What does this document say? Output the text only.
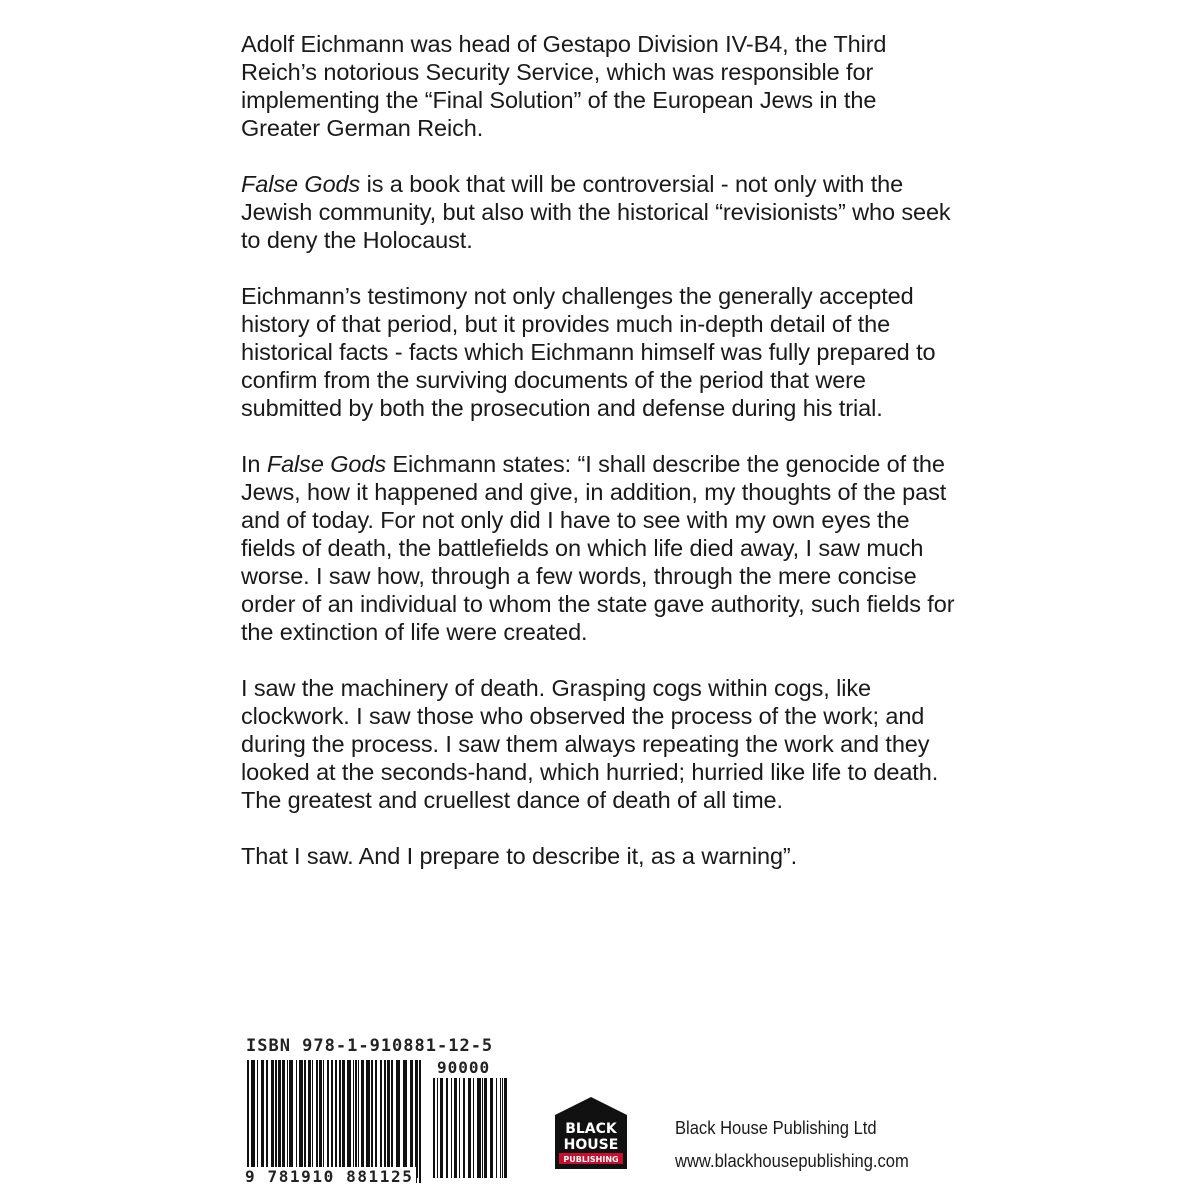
Adolf Eichmann was head of Gestapo Division IV-B4, the Third Reich’s notorious Security Service, which was responsible for implementing the “Final Solution” of the European Jews in the Greater German Reich.

False Gods is a book that will be controversial - not only with the Jewish community, but also with the historical “revisionists” who seek to deny the Holocaust.

Eichmann’s testimony not only challenges the generally accepted history of that period, but it provides much in-depth detail of the historical facts - facts which Eichmann himself was fully prepared to confirm from the surviving documents of the period that were submitted by both the prosecution and defense during his trial.

In False Gods Eichmann states: “I shall describe the genocide of the Jews, how it happened and give, in addition, my thoughts of the past and of today. For not only did I have to see with my own eyes the fields of death, the battlefields on which life died away, I saw much worse. I saw how, through a few words, through the mere concise order of an individual to whom the state gave authority, such fields for the extinction of life were created.

I saw the machinery of death. Grasping cogs within cogs, like clockwork. I saw those who observed the process of the work; and during the process. I saw them always repeating the work and they looked at the seconds-hand, which hurried; hurried like life to death. The greatest and cruellest dance of death of all time.

That I saw. And I prepare to describe it, as a warning”.

ISBN 978-1-910881-12-5
90000
9 781910 881125
BLACK
HOUSE
PUBLISHING
Black House Publishing Ltd
www.blackhousepublishing.com
